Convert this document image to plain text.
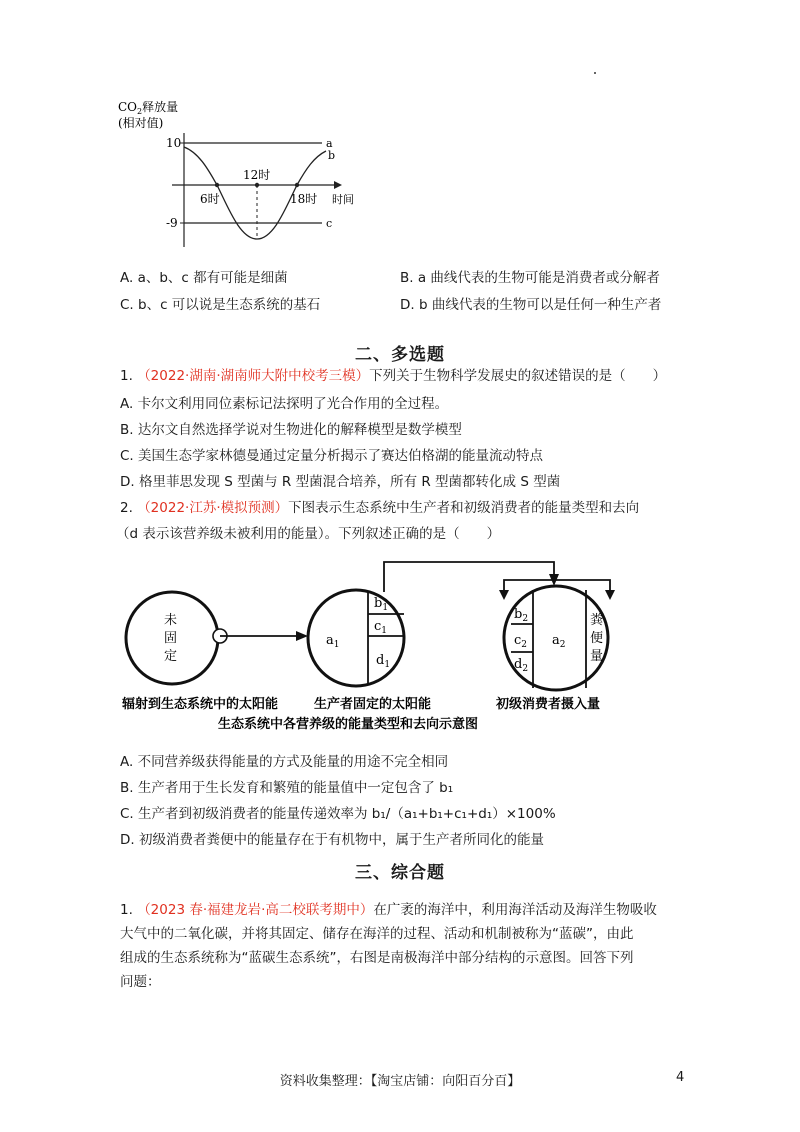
$CO_2$释放量
(相对值)
时间
10
-9
a
c
b
6时
12时
18时
A. a、b、c 都有可能是细菌	B. a 曲线代表的生物可能是消费者或分解者
C. b、c 可以说是生态系统的基石	D. b 曲线代表的生物可以是任何一种生产者
二、多选题
1. （2022·湖南·湖南师大附中校考三模）下列关于生物科学发展史的叙述错误的是（　　）
A. 卡尔文利用同位素标记法探明了光合作用的全过程。
B. 达尔文自然选择学说对生物进化的解释模型是数学模型
C. 美国生态学家林德曼通过定量分析揭示了赛达伯格湖的能量流动特点
D. 格里菲思发现 S 型菌与 R 型菌混合培养，所有 R 型菌都转化成 S 型菌
2. （2022·江苏·模拟预测）下图表示生态系统中生产者和初级消费者的能量类型和去向
（d 表示该营养级未被利用的能量）。下列叙述正确的是（　　）
未
固
定
$a_1$
$b_1$
$c_1$
$d_1$
$b_2$
$c_2$
$d_2$
$a_2$
粪
便
量
辐射到生态系统中的太阳能	生产者固定的太阳能	初级消费者摄入量
生态系统中各营养级的能量类型和去向示意图
A. 不同营养级获得能量的方式及能量的用途不完全相同
B. 生产者用于生长发育和繁殖的能量值中一定包含了 b₁
C. 生产者到初级消费者的能量传递效率为 b₁/（a₁+b₁+c₁+d₁）×100%
D. 初级消费者粪便中的能量存在于有机物中，属于生产者所同化的能量
三、综合题
1. （2023 春·福建龙岩·高二校联考期中）在广袤的海洋中，利用海洋活动及海洋生物吸收
大气中的二氧化碳，并将其固定、储存在海洋的过程、活动和机制被称为“蓝碳”，由此
组成的生态系统称为“蓝碳生态系统”，右图是南极海洋中部分结构的示意图。回答下列
问题：
资料收集整理：【淘宝店铺：向阳百分百】	4
